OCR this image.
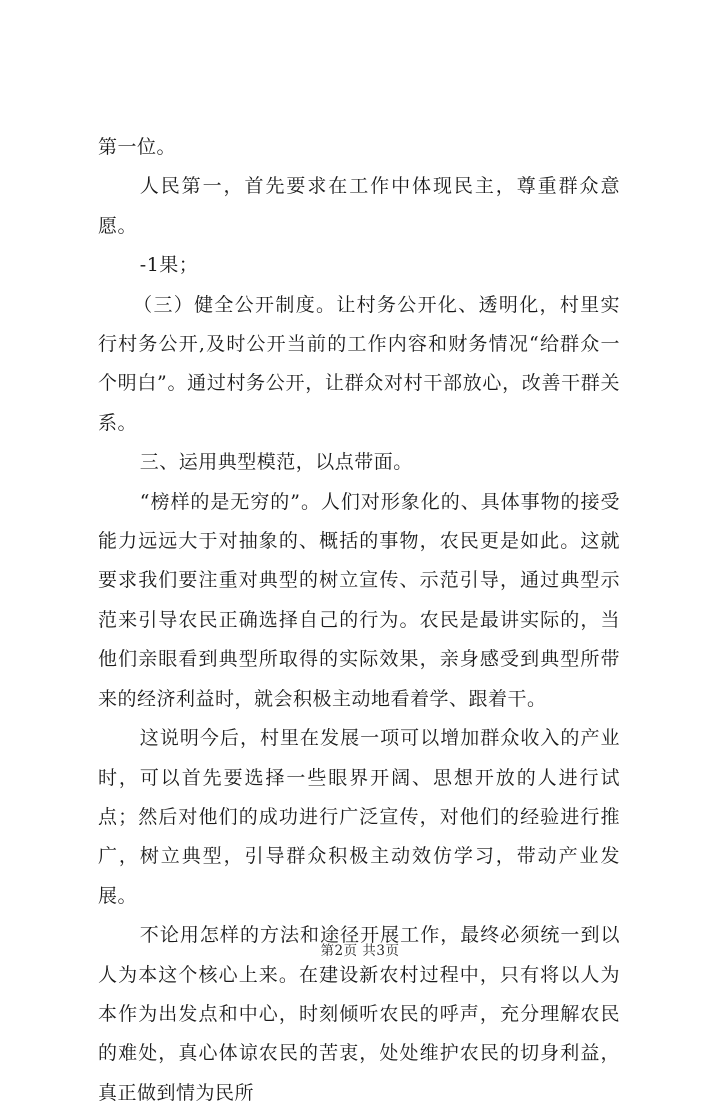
第一位。

人民第一，首先要求在工作中体现民主，尊重群众意愿。

-1果；

（三）健全公开制度。让村务公开化、透明化，村里实行村务公开,及时公开当前的工作内容和财务情况“给群众一个明白”。通过村务公开，让群众对村干部放心，改善干群关系。

三、运用典型模范，以点带面。

“榜样的是无穷的”。人们对形象化的、具体事物的接受能力远远大于对抽象的、概括的事物，农民更是如此。这就要求我们要注重对典型的树立宣传、示范引导，通过典型示范来引导农民正确选择自己的行为。农民是最讲实际的，当他们亲眼看到典型所取得的实际效果，亲身感受到典型所带来的经济利益时，就会积极主动地看着学、跟着干。

这说明今后，村里在发展一项可以增加群众收入的产业时，可以首先要选择一些眼界开阔、思想开放的人进行试点；然后对他们的成功进行广泛宣传，对他们的经验进行推广，树立典型，引导群众积极主动效仿学习，带动产业发展。

不论用怎样的方法和途径开展工作，最终必须统一到以人为本这个核心上来。在建设新农村过程中，只有将以人为本作为出发点和中心，时刻倾听农民的呼声，充分理解农民的难处，真心体谅农民的苦衷，处处维护农民的切身利益，真正做到情为民所

第2页 共3页
